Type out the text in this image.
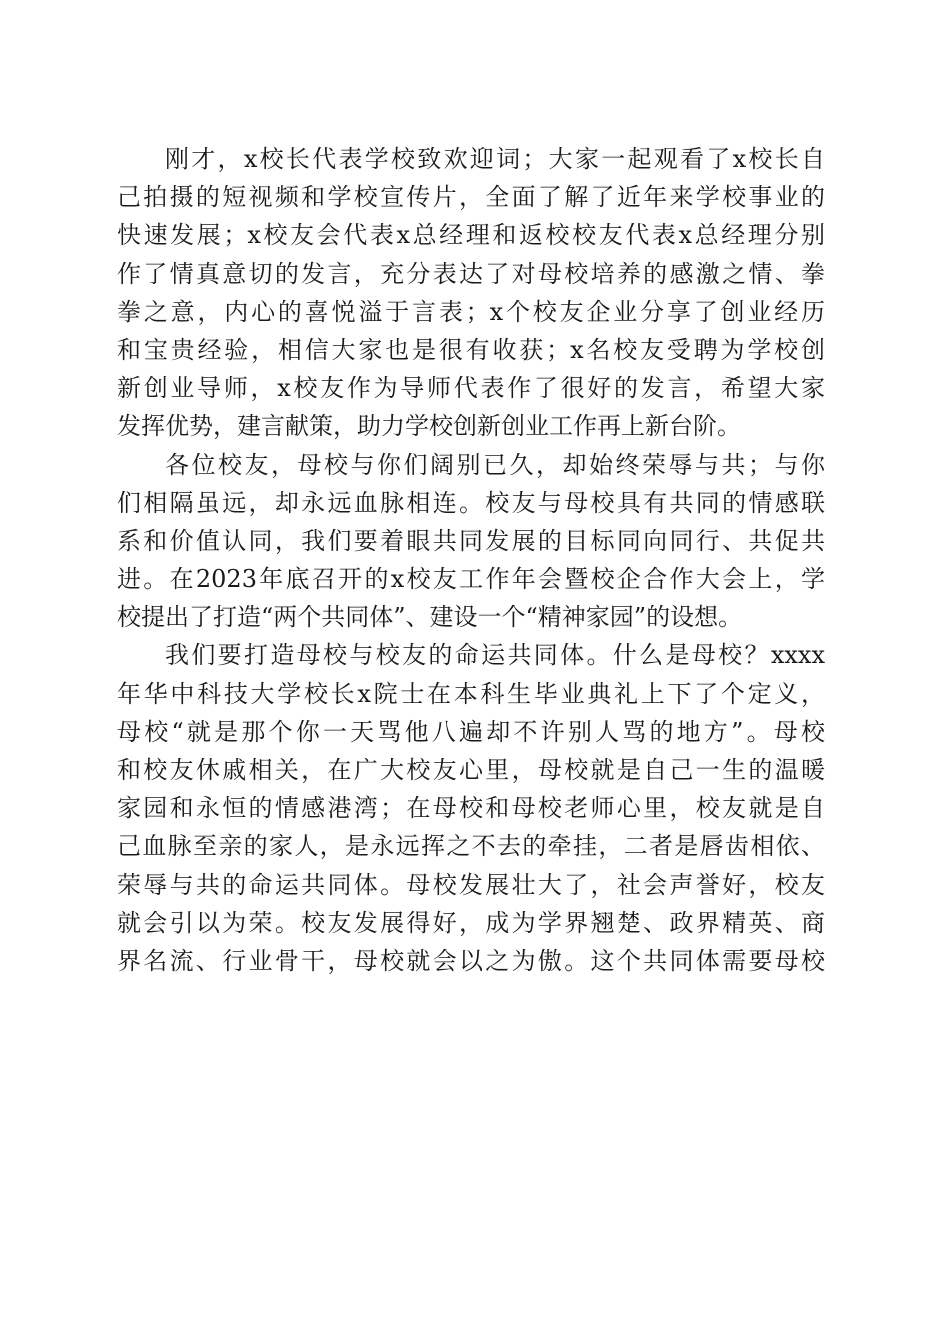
刚才，x校长代表学校致欢迎词；大家一起观看了x校长自
己拍摄的短视频和学校宣传片，全面了解了近年来学校事业的
快速发展；x校友会代表x总经理和返校校友代表x总经理分别
作了情真意切的发言，充分表达了对母校培养的感激之情、拳
拳之意，内心的喜悦溢于言表；x个校友企业分享了创业经历
和宝贵经验，相信大家也是很有收获；x名校友受聘为学校创
新创业导师，x校友作为导师代表作了很好的发言，希望大家
发挥优势，建言献策，助力学校创新创业工作再上新台阶。
各位校友，母校与你们阔别已久，却始终荣辱与共；与你
们相隔虽远，却永远血脉相连。校友与母校具有共同的情感联
系和价值认同，我们要着眼共同发展的目标同向同行、共促共
进。在2023年底召开的x校友工作年会暨校企合作大会上，学
校提出了打造“两个共同体”、建设一个“精神家园”的设想。
我们要打造母校与校友的命运共同体。什么是母校？xxxx
年华中科技大学校长x院士在本科生毕业典礼上下了个定义，
母校“就是那个你一天骂他八遍却不许别人骂的地方”。母校
和校友休戚相关，在广大校友心里，母校就是自己一生的温暖
家园和永恒的情感港湾；在母校和母校老师心里，校友就是自
己血脉至亲的家人，是永远挥之不去的牵挂，二者是唇齿相依、
荣辱与共的命运共同体。母校发展壮大了，社会声誉好，校友
就会引以为荣。校友发展得好，成为学界翘楚、政界精英、商
界名流、行业骨干，母校就会以之为傲。这个共同体需要母校
